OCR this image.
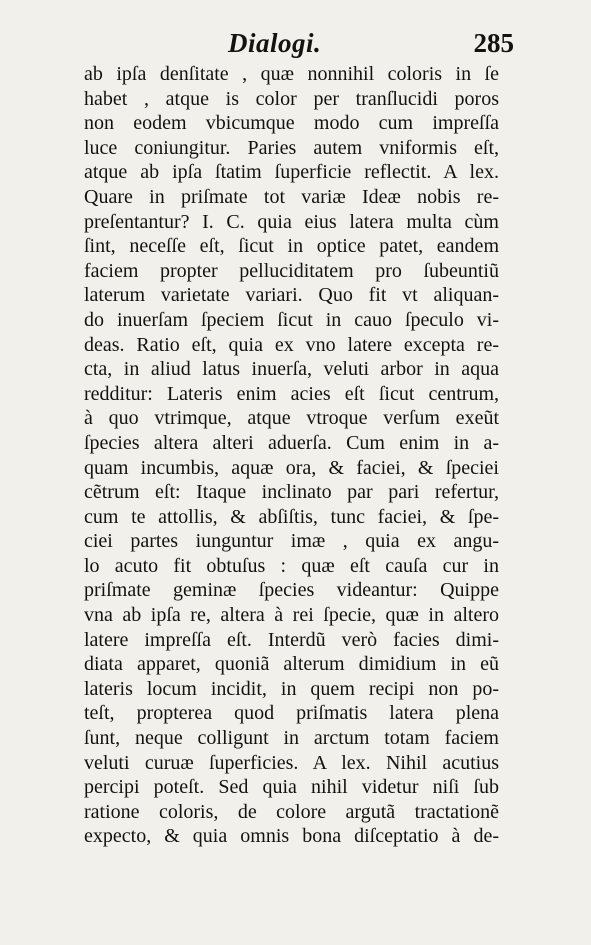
Dialogi.	285
ab ipſa denſitate , quæ nonnihil coloris in ſe
habet , atque is color per tranſlucidi poros
non eodem vbicumque modo cum impreſſa
luce coniungitur. Paries autem vniformis eſt,
atque ab ipſa ſtatim ſuperficie reflectit. A lex.
Quare in priſmate tot variæ Ideæ nobis re-
preſentantur? I. C. quia eius latera multa cùm
ſint, neceſſe eſt, ſicut in optice patet, eandem
faciem propter pelluciditatem pro ſubeuntiũ
laterum varietate variari. Quo fit vt aliquan-
do inuerſam ſpeciem ſicut in cauo ſpeculo vi-
deas. Ratio eſt, quia ex vno latere excepta re-
cta, in aliud latus inuerſa, veluti arbor in aqua
redditur: Lateris enim acies eſt ſicut centrum,
à quo vtrimque, atque vtroque verſum exeũt
ſpecies altera alteri aduerſa. Cum enim in a-
quam incumbis, aquæ ora, & faciei, & ſpeciei
cẽtrum eſt: Itaque inclinato par pari refertur,
cum te attollis, & abſiſtis, tunc faciei, & ſpe-
ciei partes iunguntur imæ , quia ex angu-
lo acuto fit obtuſus : quæ eſt cauſa cur in
priſmate geminæ ſpecies videantur: Quippe
vna ab ipſa re, altera à rei ſpecie, quæ in altero
latere impreſſa eſt. Interdũ verò facies dimi-
diata apparet, quoniã alterum dimidium in eũ
lateris locum incidit, in quem recipi non po-
teſt, propterea quod priſmatis latera plena
ſunt, neque colligunt in arctum totam faciem
veluti curuæ ſuperficies. A lex. Nihil acutius
percipi poteſt. Sed quia nihil videtur niſi ſub
ratione coloris, de colore argutã tractationẽ
expecto, & quia omnis bona diſceptatio à de-
